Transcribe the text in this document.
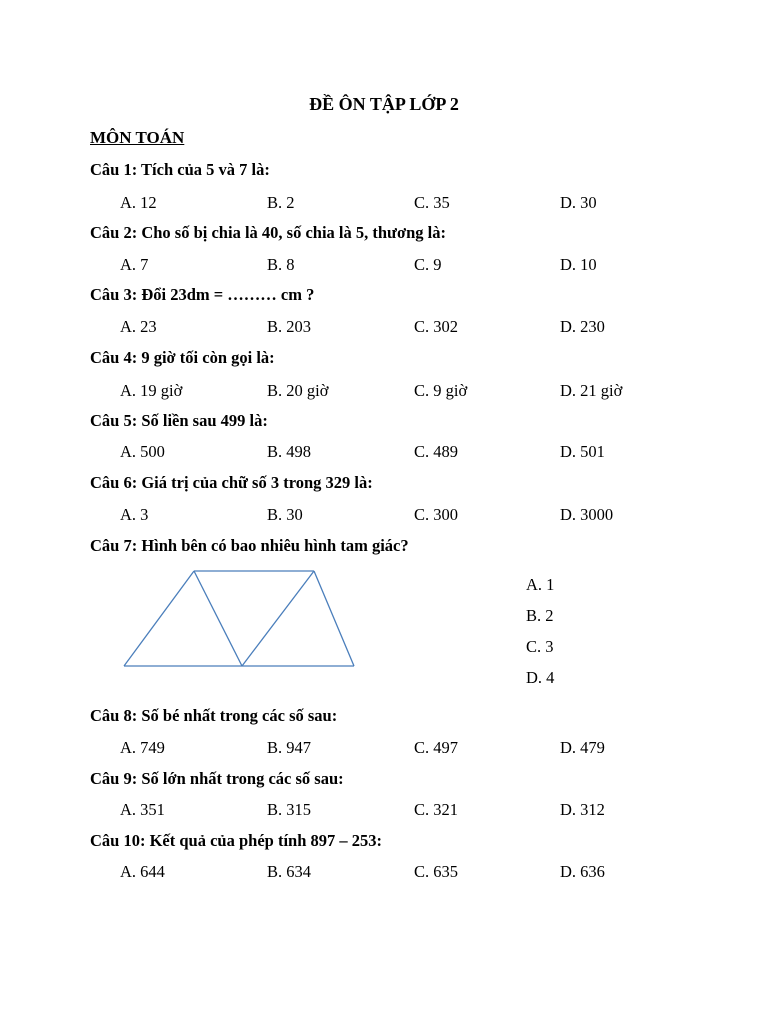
ĐỀ ÔN TẬP LỚP 2
MÔN TOÁN

Câu 1: Tích của 5 và 7 là:

A. 12	B. 2	C. 35	D. 30

Câu 2: Cho số bị chia là 40, số chia là 5, thương là:

A. 7	B. 8	C. 9	D. 10

Câu 3: Đổi 23dm = ……… cm ?

A. 23	B. 203	C. 302	D. 230

Câu 4: 9 giờ tối còn gọi là:

A. 19 giờ	B. 20 giờ	C. 9 giờ	D. 21 giờ

Câu 5: Số liền sau 499 là:

A. 500	B. 498	C. 489	D. 501

Câu 6: Giá trị của chữ số 3 trong 329 là:

A. 3	B. 30	C. 300	D. 3000

Câu 7: Hình bên có bao nhiêu hình tam giác?

A. 1
B. 2
C. 3
D. 4

Câu 8: Số bé nhất trong các số sau:

A. 749	B. 947	C. 497	D. 479

Câu 9: Số lớn nhất trong các số sau:

A. 351	B. 315	C. 321	D. 312

Câu 10: Kết quả của phép tính 897 – 253:

A. 644	B. 634	C. 635	D. 636
